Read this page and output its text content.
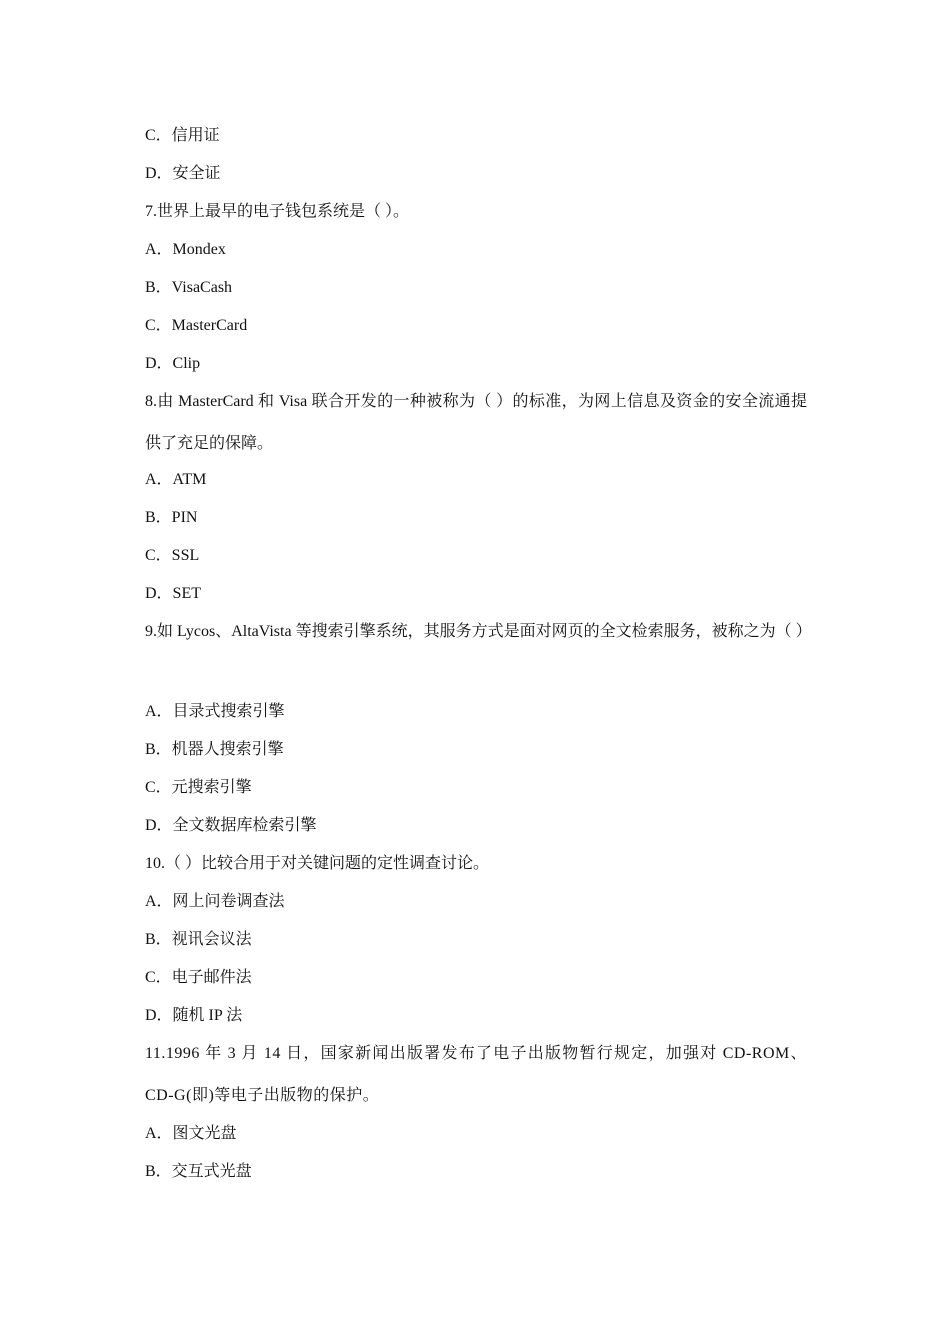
C．信用证
D．安全证
7.世界上最早的电子钱包系统是（ ）。
A．Mondex
B．VisaCash
C．MasterCard
D．Clip
8.由 MasterCard 和 Visa 联合开发的一种被称为（ ）的标准，为网上信息及资金的安全流通提供了充足的保障。
A．ATM
B．PIN
C．SSL
D．SET
9.如 Lycos、AltaVista 等搜索引擎系统，其服务方式是面对网页的全文检索服务，被称之为（ ）
A．目录式搜索引擎
B．机器人搜索引擎
C．元搜索引擎
D．全文数据库检索引擎
10.（ ）比较合用于对关键问题的定性调查讨论。
A．网上问卷调查法
B．视讯会议法
C．电子邮件法
D．随机 IP 法
11.1996 年 3 月 14 日，国家新闻出版署发布了电子出版物暂行规定，加强对 CD-ROM、CD-G(即)等电子出版物的保护。
A．图文光盘
B．交互式光盘
